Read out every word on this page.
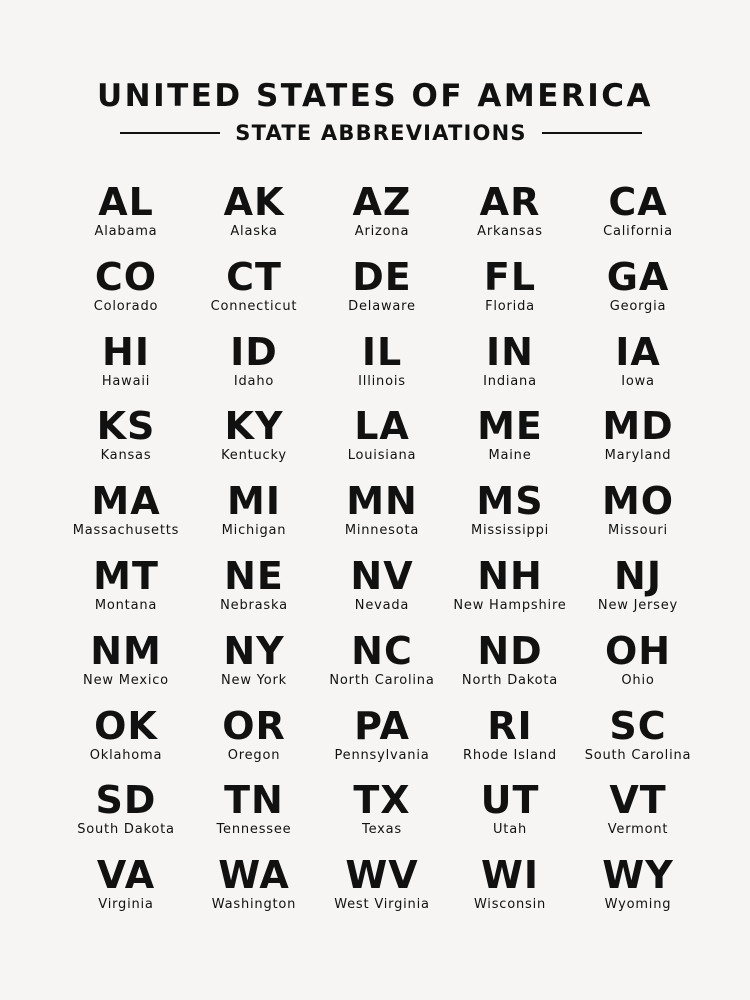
UNITED STATES OF AMERICA
STATE ABBREVIATIONS
AL
Alabama
AK
Alaska
AZ
Arizona
AR
Arkansas
CA
California
CO
Colorado
CT
Connecticut
DE
Delaware
FL
Florida
GA
Georgia
HI
Hawaii
ID
Idaho
IL
Illinois
IN
Indiana
IA
Iowa
KS
Kansas
KY
Kentucky
LA
Louisiana
ME
Maine
MD
Maryland
MA
Massachusetts
MI
Michigan
MN
Minnesota
MS
Mississippi
MO
Missouri
MT
Montana
NE
Nebraska
NV
Nevada
NH
New Hampshire
NJ
New Jersey
NM
New Mexico
NY
New York
NC
North Carolina
ND
North Dakota
OH
Ohio
OK
Oklahoma
OR
Oregon
PA
Pennsylvania
RI
Rhode Island
SC
South Carolina
SD
South Dakota
TN
Tennessee
TX
Texas
UT
Utah
VT
Vermont
VA
Virginia
WA
Washington
WV
West Virginia
WI
Wisconsin
WY
Wyoming
